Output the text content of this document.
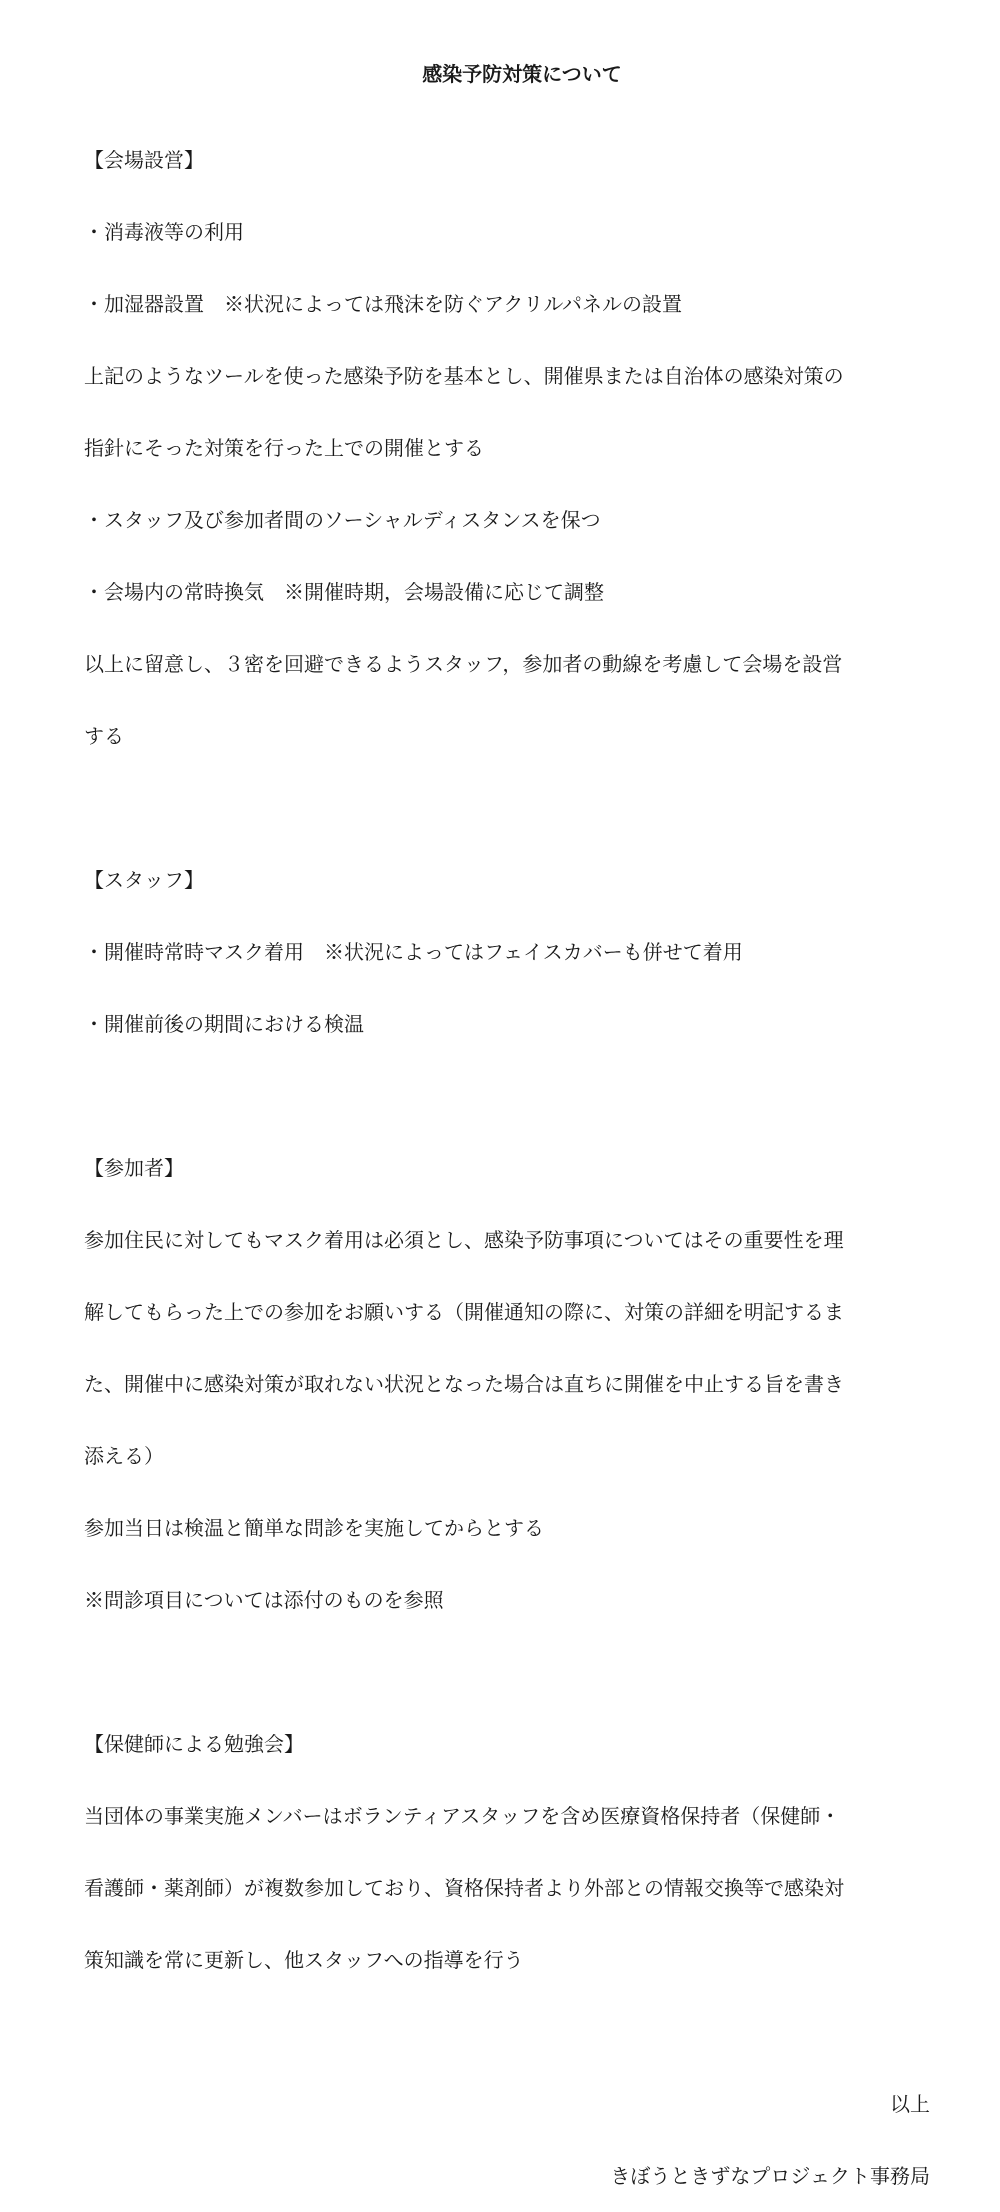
感染予防対策について

【会場設営】

・消毒液等の利用

・加湿器設置　※状況によっては飛沫を防ぐアクリルパネルの設置

上記のようなツールを使った感染予防を基本とし、開催県または自治体の感染対策の

指針にそった対策を行った上での開催とする

・スタッフ及び参加者間のソーシャルディスタンスを保つ

・会場内の常時換気　※開催時期，会場設備に応じて調整

以上に留意し、３密を回避できるようスタッフ，参加者の動線を考慮して会場を設営

する

【スタッフ】

・開催時常時マスク着用　※状況によってはフェイスカバーも併せて着用

・開催前後の期間における検温

【参加者】

参加住民に対してもマスク着用は必須とし、感染予防事項についてはその重要性を理

解してもらった上での参加をお願いする（開催通知の際に、対策の詳細を明記するま

た、開催中に感染対策が取れない状況となった場合は直ちに開催を中止する旨を書き

添える）

参加当日は検温と簡単な問診を実施してからとする

※問診項目については添付のものを参照

【保健師による勉強会】

当団体の事業実施メンバーはボランティアスタッフを含め医療資格保持者（保健師・

看護師・薬剤師）が複数参加しており、資格保持者より外部との情報交換等で感染対

策知識を常に更新し、他スタッフへの指導を行う

以上

きぼうときずなプロジェクト事務局
